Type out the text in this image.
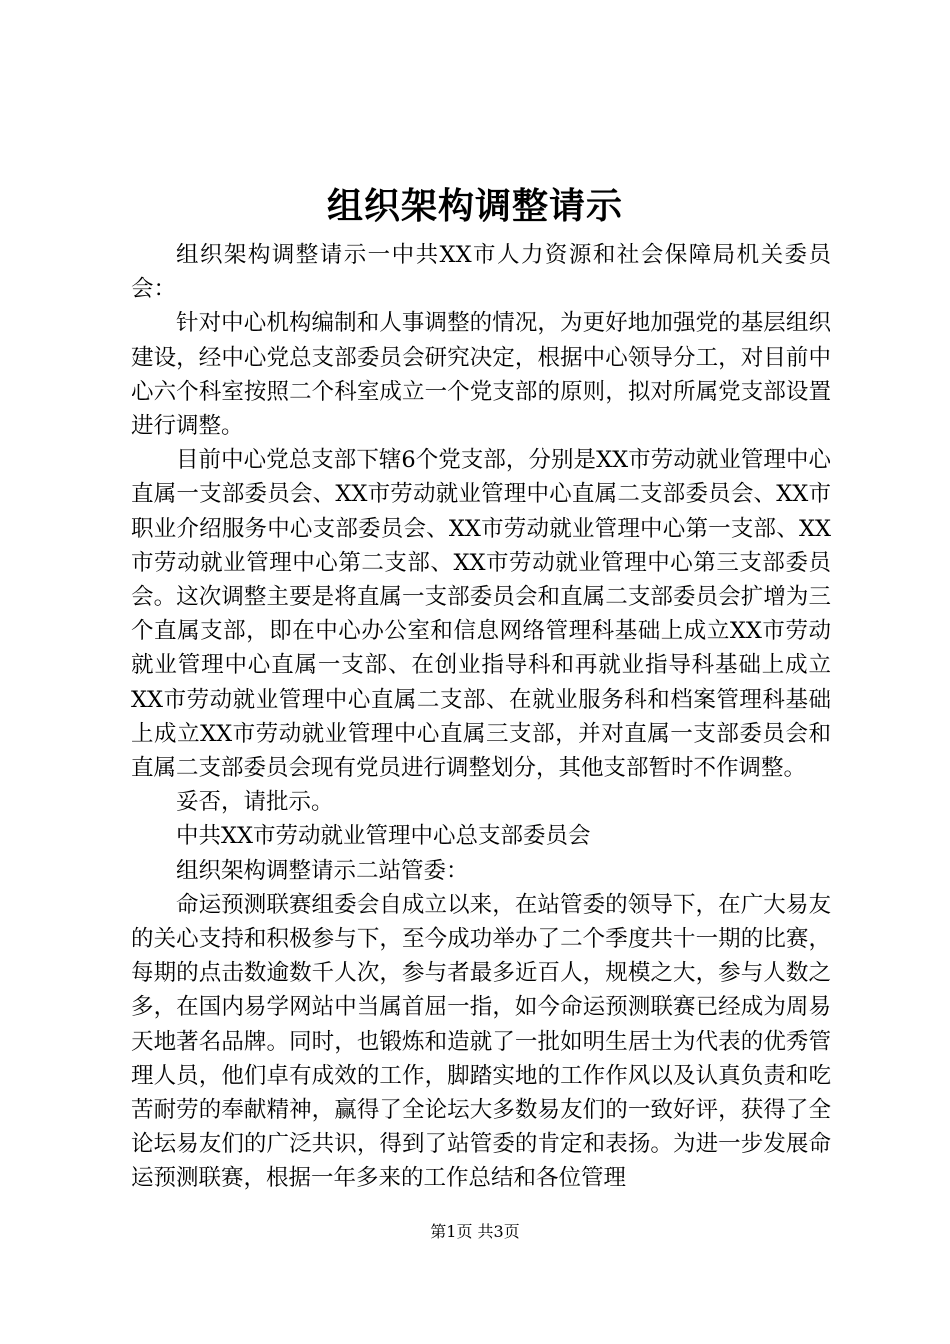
组织架构调整请示

组织架构调整请示一中共XX市人力资源和社会保障局机关委员会：

针对中心机构编制和人事调整的情况，为更好地加强党的基层组织建设，经中心党总支部委员会研究决定，根据中心领导分工，对目前中心六个科室按照二个科室成立一个党支部的原则，拟对所属党支部设置进行调整。

目前中心党总支部下辖6个党支部，分别是XX市劳动就业管理中心直属一支部委员会、XX市劳动就业管理中心直属二支部委员会、XX市职业介绍服务中心支部委员会、XX市劳动就业管理中心第一支部、XX市劳动就业管理中心第二支部、XX市劳动就业管理中心第三支部委员会。这次调整主要是将直属一支部委员会和直属二支部委员会扩增为三个直属支部，即在中心办公室和信息网络管理科基础上成立XX市劳动就业管理中心直属一支部、在创业指导科和再就业指导科基础上成立XX市劳动就业管理中心直属二支部、在就业服务科和档案管理科基础上成立XX市劳动就业管理中心直属三支部，并对直属一支部委员会和直属二支部委员会现有党员进行调整划分，其他支部暂时不作调整。

妥否，请批示。

中共XX市劳动就业管理中心总支部委员会

组织架构调整请示二站管委：

命运预测联赛组委会自成立以来，在站管委的领导下，在广大易友的关心支持和积极参与下，至今成功举办了二个季度共十一期的比赛，每期的点击数逾数千人次，参与者最多近百人，规模之大，参与人数之多，在国内易学网站中当属首屈一指，如今命运预测联赛已经成为周易天地著名品牌。同时，也锻炼和造就了一批如明生居士为代表的优秀管理人员，他们卓有成效的工作，脚踏实地的工作作风以及认真负责和吃苦耐劳的奉献精神，赢得了全论坛大多数易友们的一致好评，获得了全论坛易友们的广泛共识，得到了站管委的肯定和表扬。为进一步发展命运预测联赛，根据一年多来的工作总结和各位管理

第1页 共3页
